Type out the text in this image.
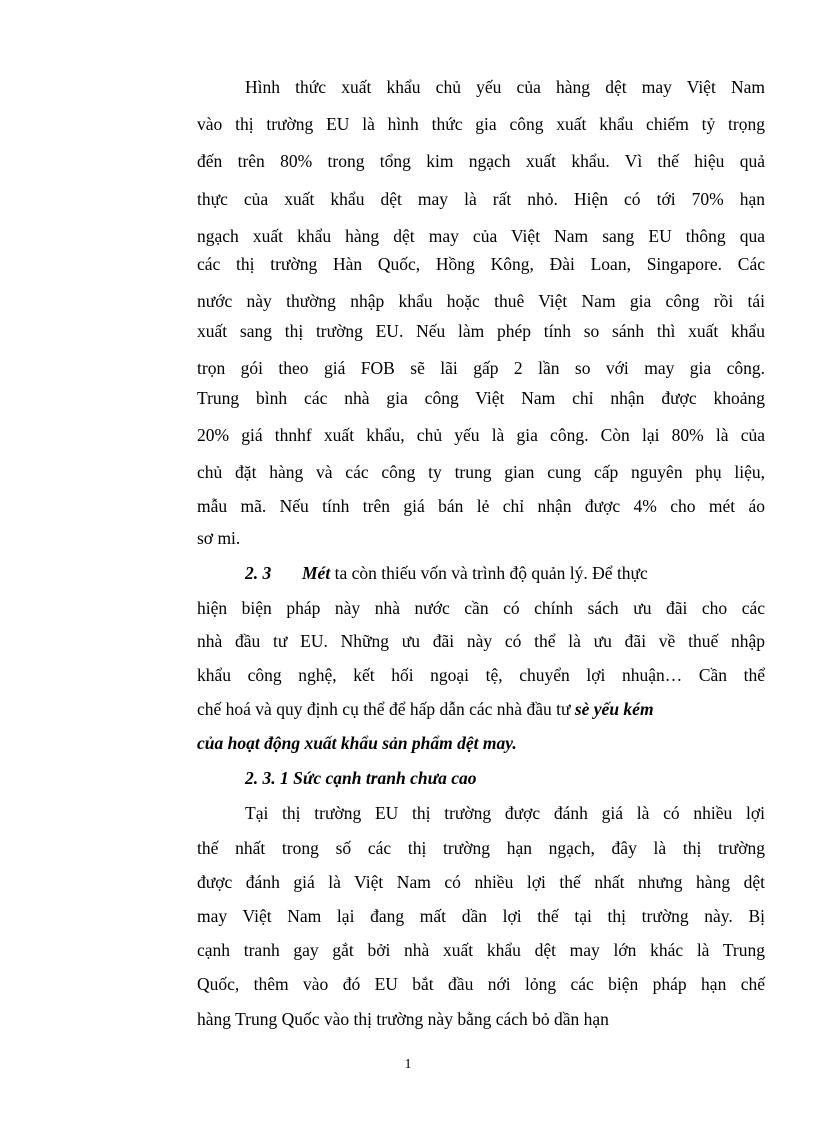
Hình thức xuất khẩu chủ yếu của hàng dệt may Việt Nam
vào thị trường EU là hình thức gia công xuất khẩu chiếm tỷ trọng
đến trên 80% trong tổng kim ngạch xuất khẩu. Vì thế hiệu quả
thực của xuất khẩu dệt may là rất nhỏ. Hiện có tới 70% hạn
ngạch xuất khẩu hàng dệt may của Việt Nam sang EU thông qua
các thị trường Hàn Quốc, Hồng Kông, Đài Loan, Singapore. Các
nước này thường nhập khẩu hoặc thuê Việt Nam gia công rồi tái
xuất sang thị trường EU. Nếu làm phép tính so sánh thì xuất khẩu
trọn gói theo giá FOB sẽ lãi gấp 2 lần so với may gia công.
Trung bình các nhà gia công Việt Nam chỉ nhận được khoảng
20% giá thnhf xuất khẩu, chủ yếu là gia công. Còn lại 80% là của
chủ đặt hàng và các công ty trung gian cung cấp nguyên phụ liệu,
mẫu mã. Nếu tính trên giá bán lẻ chỉ nhận được 4% cho mét áo
sơ mi.
2. 3 Mét ta còn thiếu vốn và trình độ quản lý. Để thực
hiện biện pháp này nhà nước cần có chính sách ưu đãi cho các
nhà đầu tư EU. Những ưu đãi này có thể là ưu đãi về thuế nhập
khẩu công nghệ, kết hối ngoại tệ, chuyển lợi nhuận… Cần thể
chế hoá và quy định cụ thể để hấp dẫn các nhà đầu tư sè yếu kém
của hoạt động xuất khẩu sản phẩm dệt may.
2. 3. 1 Sức cạnh tranh chưa cao
Tại thị trường EU thị trường được đánh giá là có nhiều lợi
thế nhất trong số các thị trường hạn ngạch, đây là thị trường
được đánh giá là Việt Nam có nhiều lợi thế nhất nhưng hàng dệt
may Việt Nam lại đang mất dần lợi thế tại thị trường này. Bị
cạnh tranh gay gắt bởi nhà xuất khẩu dệt may lớn khác là Trung
Quốc, thêm vào đó EU bắt đầu nới lỏng các biện pháp hạn chế
hàng Trung Quốc vào thị trường này bằng cách bỏ dần hạn
1
